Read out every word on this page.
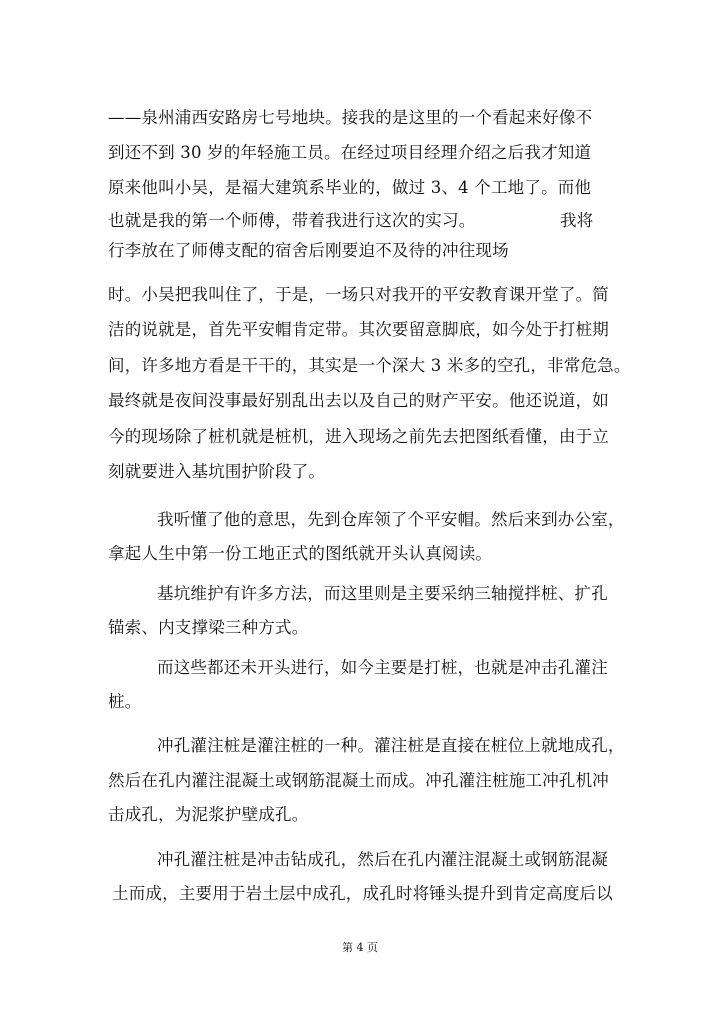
——泉州浦西安路房七号地块。接我的是这里的一个看起来好像不
到还不到 30 岁的年轻施工员。在经过项目经理介绍之后我才知道
原来他叫小吴，是福大建筑系毕业的，做过 3、4 个工地了。而他
也就是我的第一个师傅，带着我进行这次的实习。	我将
行李放在了师傅支配的宿舍后刚要迫不及待的冲往现场
时。小吴把我叫住了，于是，一场只对我开的平安教育课开堂了。简
洁的说就是，首先平安帽肯定带。其次要留意脚底，如今处于打桩期
间，许多地方看是干干的，其实是一个深大 3 米多的空孔，非常危急。
最终就是夜间没事最好别乱出去以及自己的财产平安。他还说道，如
今的现场除了桩机就是桩机，进入现场之前先去把图纸看懂，由于立
刻就要进入基坑围护阶段了。
我听懂了他的意思，先到仓库领了个平安帽。然后来到办公室，
拿起人生中第一份工地正式的图纸就开头认真阅读。
基坑维护有许多方法，而这里则是主要采纳三轴搅拌桩、扩孔
锚索、内支撑梁三种方式。
而这些都还未开头进行，如今主要是打桩，也就是冲击孔灌注
桩。
冲孔灌注桩是灌注桩的一种。灌注桩是直接在桩位上就地成孔，
然后在孔内灌注混凝土或钢筋混凝土而成。冲孔灌注桩施工冲孔机冲
击成孔，为泥浆护壁成孔。
冲孔灌注桩是冲击钻成孔，然后在孔内灌注混凝土或钢筋混凝
土而成，主要用于岩土层中成孔，成孔时将锤头提升到肯定高度后以
第 4 页
